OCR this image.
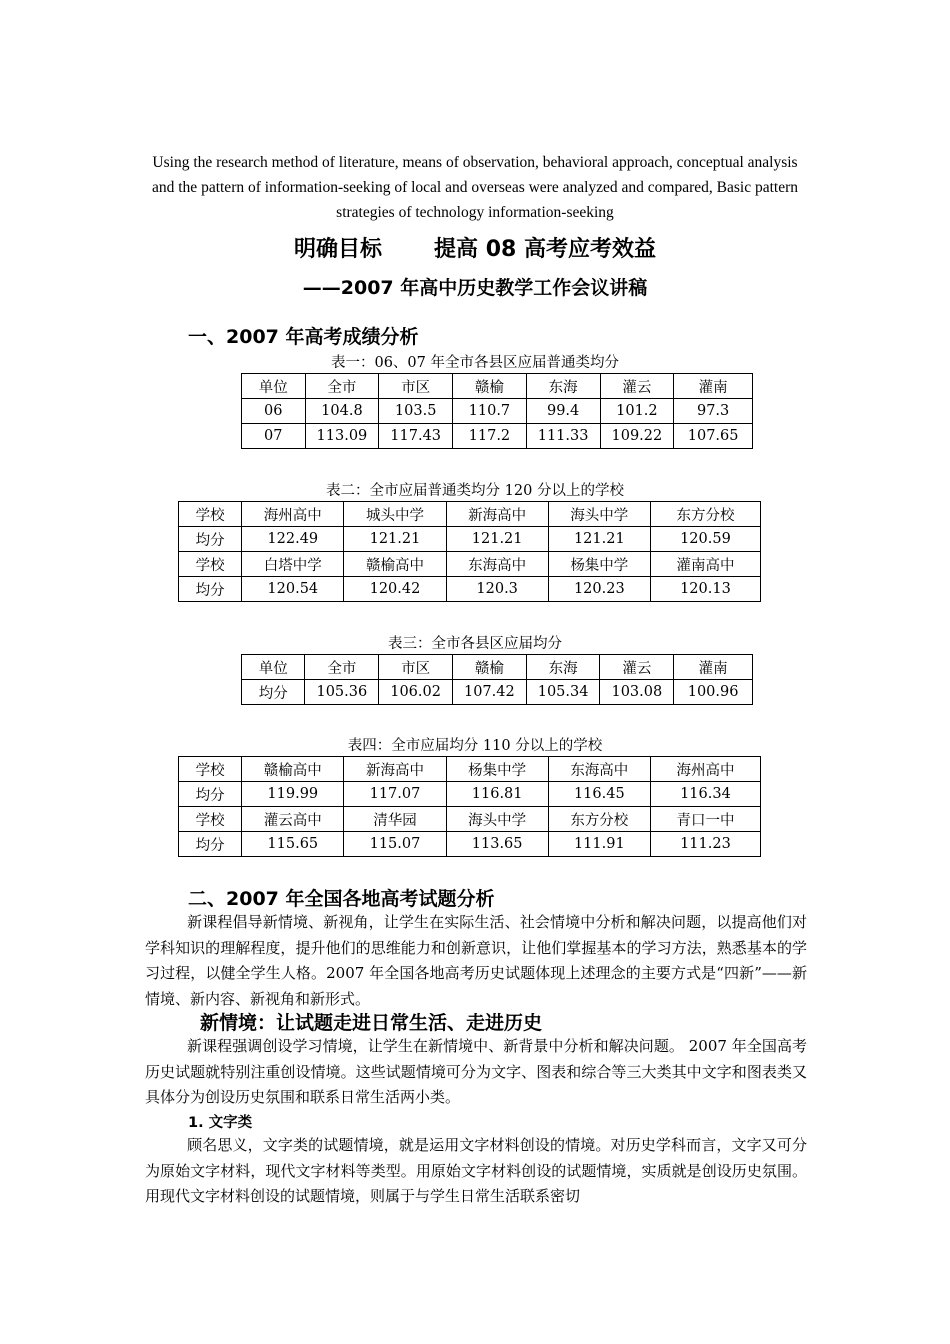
Using the research method of literature, means of observation, behavioral approach, conceptual analysis and the pattern of information-seeking of local and overseas were analyzed and compared, Basic pattern strategies of technology information-seeking
明确目标 提高 08 高考应考效益
——2007 年高中历史教学工作会议讲稿
一、2007 年高考成绩分析
表一：06、07 年全市各县区应届普通类均分
单位	全市	市区	赣榆	东海	灌云	灌南
06	104.8	103.5	110.7	99.4	101.2	97.3
07	113.09	117.43	117.2	111.33	109.22	107.65
表二：全市应届普通类均分 120 分以上的学校
学校	海州高中	城头中学	新海高中	海头中学	东方分校
均分	122.49	121.21	121.21	121.21	120.59
学校	白塔中学	赣榆高中	东海高中	杨集中学	灌南高中
均分	120.54	120.42	120.3	120.23	120.13
表三：全市各县区应届均分
单位	全市	市区	赣榆	东海	灌云	灌南
均分	105.36	106.02	107.42	105.34	103.08	100.96
表四：全市应届均分 110 分以上的学校
学校	赣榆高中	新海高中	杨集中学	东海高中	海州高中
均分	119.99	117.07	116.81	116.45	116.34
学校	灌云高中	清华园	海头中学	东方分校	青口一中
均分	115.65	115.07	113.65	111.91	111.23
二、2007 年全国各地高考试题分析
新课程倡导新情境、新视角，让学生在实际生活、社会情境中分析和解决问题，以提高他们对学科知识的理解程度，提升他们的思维能力和创新意识，让他们掌握基本的学习方法，熟悉基本的学习过程，以健全学生人格。2007 年全国各地高考历史试题体现上述理念的主要方式是“四新”——新情境、新内容、新视角和新形式。
新情境：让试题走进日常生活、走进历史
新课程强调创设学习情境，让学生在新情境中、新背景中分析和解决问题。 2007 年全国高考历史试题就特别注重创设情境。这些试题情境可分为文字、图表和综合等三大类其中文字和图表类又具体分为创设历史氛围和联系日常生活两小类。
1. 文字类
顾名思义，文字类的试题情境，就是运用文字材料创设的情境。对历史学科而言，文字又可分为原始文字材料，现代文字材料等类型。用原始文字材料创设的试题情境，实质就是创设历史氛围。用现代文字材料创设的试题情境，则属于与学生日常生活联系密切
